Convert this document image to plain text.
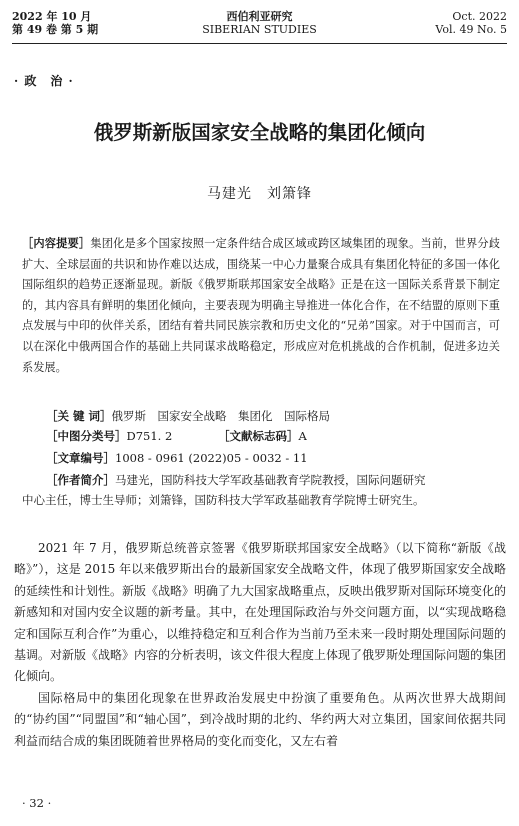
2022 年 10 月
第 49 卷 第 5 期
西伯利亚研究
SIBERIAN STUDIES
Oct. 2022
Vol. 49 No. 5
· 政　治 ·
俄罗斯新版国家安全战略的集团化倾向
马建光　刘箫锋
［内容提要］集团化是多个国家按照一定条件结合成区域或跨区域集团的现象。当前，世界分歧扩大、全球层面的共识和协作难以达成，围绕某一中心力量聚合成具有集团化特征的多国一体化国际组织的趋势正逐渐显现。新版《俄罗斯联邦国家安全战略》正是在这一国际关系背景下制定的，其内容具有鲜明的集团化倾向，主要表现为明确主导推进一体化合作，在不结盟的原则下重点发展与中印的伙伴关系，团结有着共同民族宗教和历史文化的“兄弟”国家。对于中国而言，可以在深化中俄两国合作的基础上共同谋求战略稳定，形成应对危机挑战的合作机制，促进多边关系发展。
［关 键 词］俄罗斯　国家安全战略　集团化　国际格局
［中图分类号］D751. 2	［文献标志码］A
［文章编号］1008 - 0961 (2022)05 - 0032 - 11
［作者简介］马建光，国防科技大学军政基础教育学院教授，国际问题研究
中心主任，博士生导师；刘箫锋，国防科技大学军政基础教育学院博士研究生。

2021 年 7 月，俄罗斯总统普京签署《俄罗斯联邦国家安全战略》（以下简称“新版《战略》”），这是 2015 年以来俄罗斯出台的最新国家安全战略文件，体现了俄罗斯国家安全战略的延续性和计划性。新版《战略》明确了九大国家战略重点，反映出俄罗斯对国际环境变化的新感知和对国内安全议题的新考量。其中，在处理国际政治与外交问题方面，以“实现战略稳定和国际互利合作”为重心，以维持稳定和互利合作为当前乃至未来一段时期处理国际问题的基调。对新版《战略》内容的分析表明，该文件很大程度上体现了俄罗斯处理国际问题的集团化倾向。

国际格局中的集团化现象在世界政治发展史中扮演了重要角色。从两次世界大战期间的“协约国”“同盟国”和“轴心国”，到冷战时期的北约、华约两大对立集团，国家间依据共同利益而结合成的集团既随着世界格局的变化而变化，又左右着

· 32 ·
